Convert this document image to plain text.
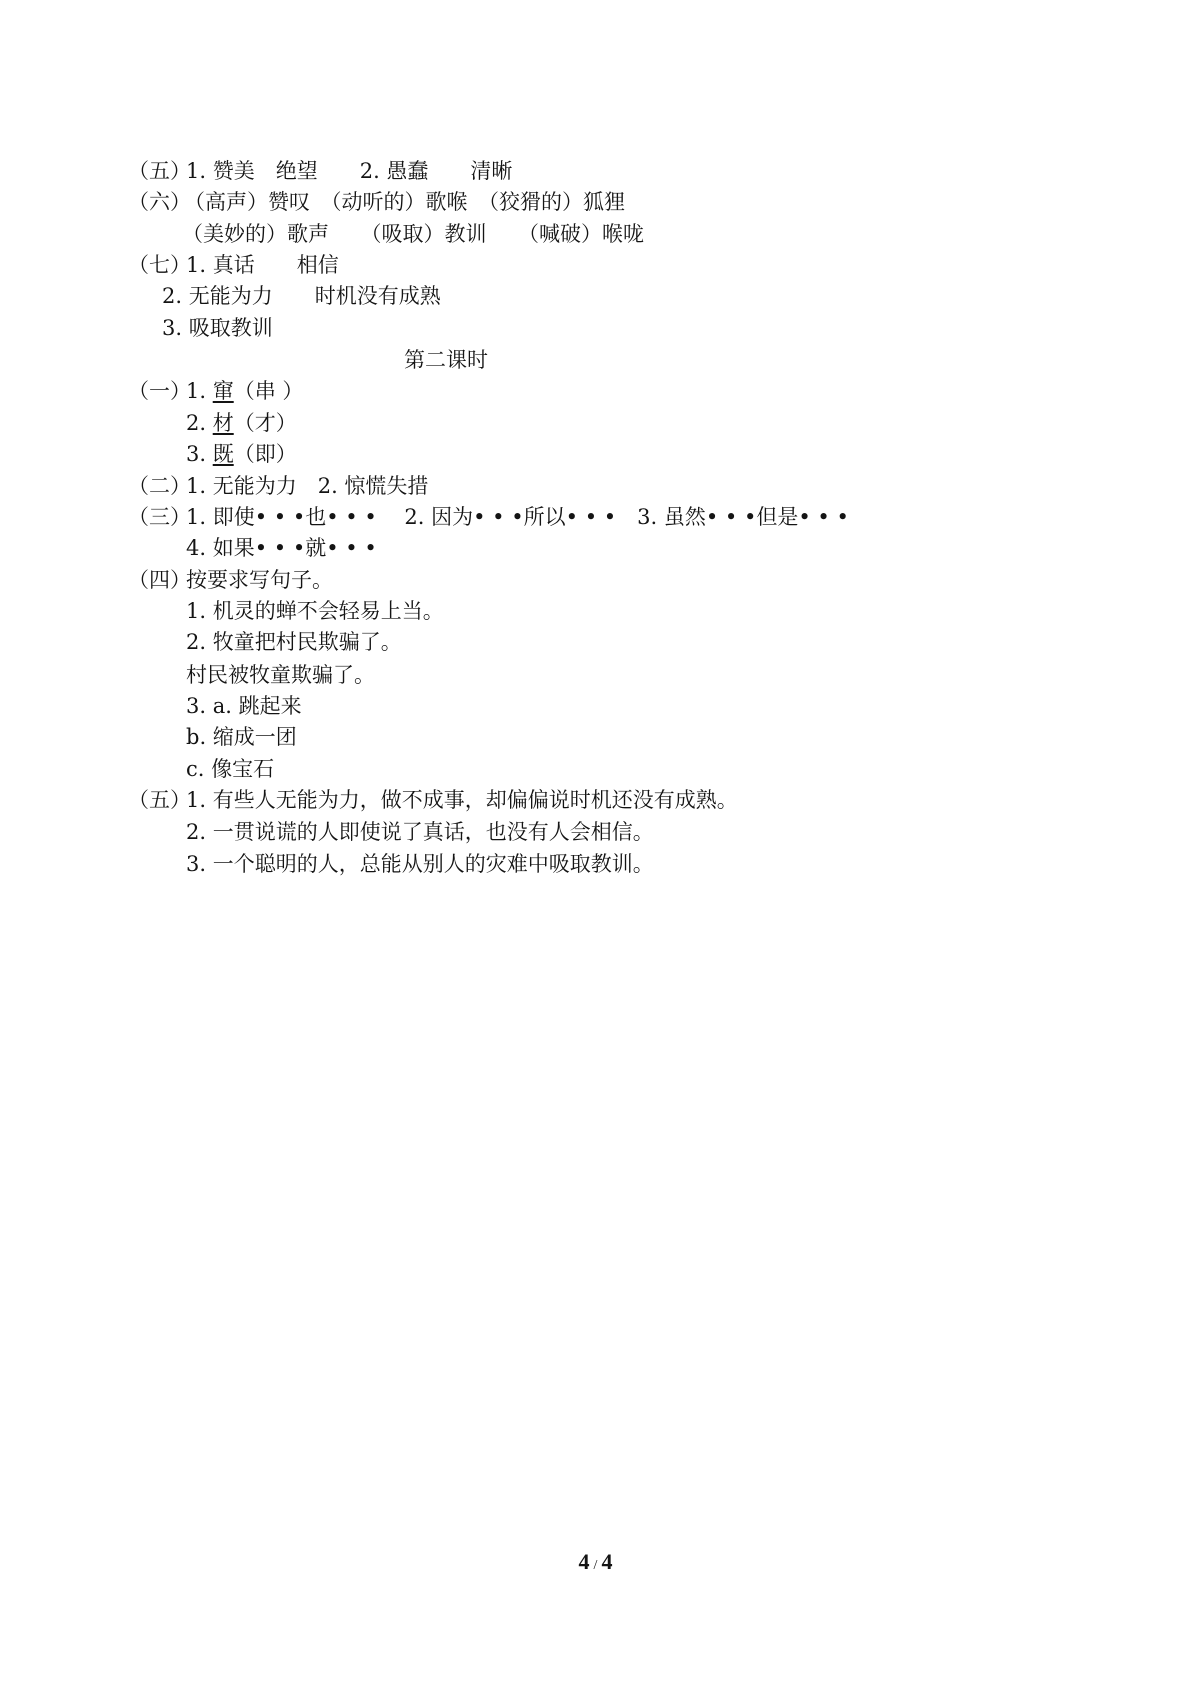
（五）

1. 赞美　绝望　　2. 愚蠢　　清晰

（六）

（高声）赞叹　（动听的）歌喉　（狡猾的）狐狸

（美妙的）歌声　　（吸取）教训　　（喊破）喉咙

（七）

1. 真话　　相信

2. 无能为力　　时机没有成熟

3. 吸取教训

第二课时

（一）

1. 窜（串 ）

2. 材（才）

3. 既（即）

（二）

1. 无能为力　2. 惊慌失措

（三）

1. 即使• • •也• • •　 2. 因为• • •所以• • •　3. 虽然• • •但是• • •

4. 如果• • •就• • •

（四）

按要求写句子。

1. 机灵的蝉不会轻易上当。

2. 牧童把村民欺骗了。

村民被牧童欺骗了。

3. a. 跳起来

b. 缩成一团

c. 像宝石

（五）

1. 有些人无能为力，做不成事，却偏偏说时机还没有成熟。

2. 一贯说谎的人即使说了真话，也没有人会相信。

3. 一个聪明的人，总能从别人的灾难中吸取教训。

4 / 4
